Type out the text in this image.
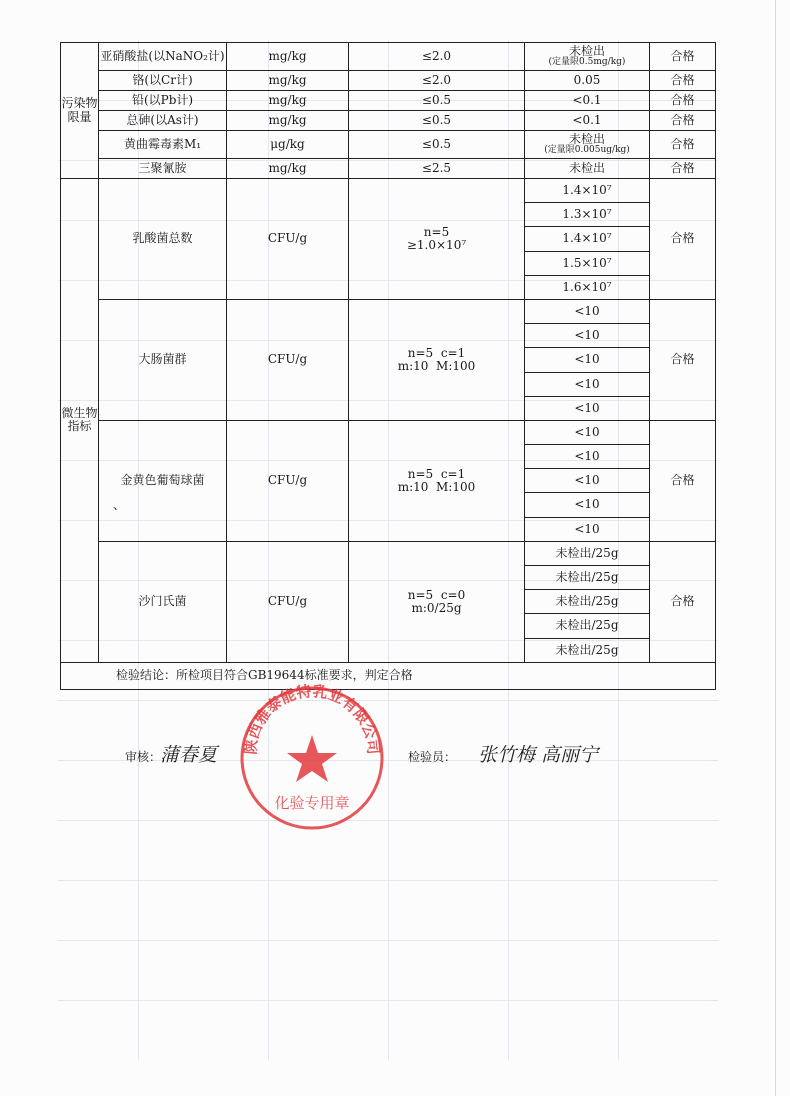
污染物限量	亚硝酸盐(以NaNO₂计)	mg/kg	≤2.0	未检出
(定量限0.5mg/kg)	合格
	铬(以Cr计)	mg/kg	≤2.0	0.05	合格
	铅(以Pb计)	mg/kg	≤0.5	<0.1	合格
	总砷(以As计)	mg/kg	≤0.5	<0.1	合格
	黄曲霉毒素M₁	μg/kg	≤0.5	未检出
(定量限0.005ug/kg)	合格
	三聚氰胺	mg/kg	≤2.5	未检出	合格
微生物指标	乳酸菌总数	CFU/g	n=5
≥1.0×10⁷	1.4×10⁷	合格
				1.3×10⁷	
				1.4×10⁷	
				1.5×10⁷	
				1.6×10⁷	
	大肠菌群	CFU/g	n=5  c=1
m:10  M:100	<10	合格
				<10	
				<10	
				<10	
				<10	
	金黄色葡萄球菌	CFU/g	n=5  c=1
m:10  M:100	<10	合格
				<10	
				<10	
				<10	
				<10	
	沙门氏菌	CFU/g	n=5  c=0
m:0/25g	未检出/25g	合格
				未检出/25g	
				未检出/25g	
				未检出/25g	
				未检出/25g	
检验结论：所检项目符合GB19644标准要求，判定合格					
、
审核：
蒲春夏	检验员： 张竹梅 高丽宁
陕西雅泰能特乳业有限公司
化验专用章
